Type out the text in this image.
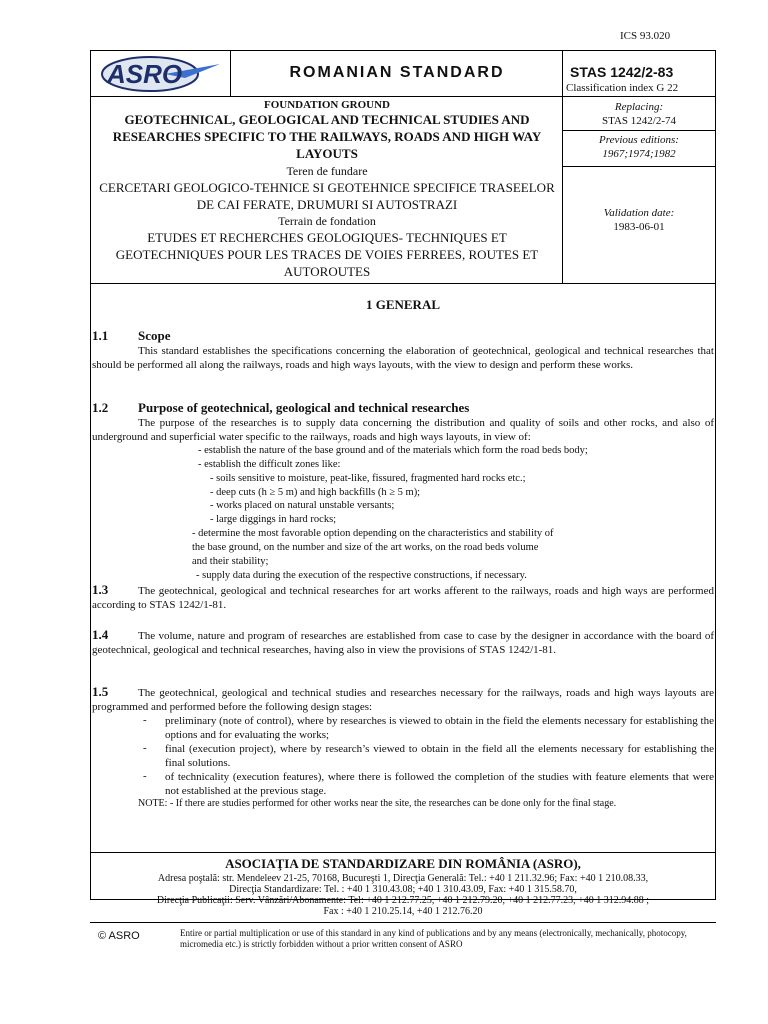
ICS 93.020
ASRO	ROMANIAN STANDARD	STAS 1242/2-83
Classification index G 22
FOUNDATION GROUND
GEOTECHNICAL, GEOLOGICAL AND TECHNICAL STUDIES AND RESEARCHES SPECIFIC TO THE RAILWAYS, ROADS AND HIGH WAY LAYOUTS
Teren de fundare
CERCETARI GEOLOGICO-TEHNICE SI GEOTEHNICE SPECIFICE TRASEELOR DE CAI FERATE, DRUMURI SI AUTOSTRAZI
Terrain de fondation
ETUDES ET RECHERCHES GEOLOGIQUES- TECHNIQUES ET GEOTECHNIQUES POUR LES TRACES DE VOIES FERREES, ROUTES ET AUTOROUTES
Replacing:
STAS 1242/2-74
Previous editions:
1967;1974;1982
Validation date:
1983-06-01
1 GENERAL
1.1 Scope
This standard establishes the specifications concerning the elaboration of geotechnical, geological and technical researches that should be performed all along the railways, roads and high ways layouts, with the view to design and perform these works.
1.2 Purpose of geotechnical, geological and technical researches
The purpose of the researches is to supply data concerning the distribution and quality of soils and other rocks, and also of underground and superficial water specific to the railways, roads and high ways layouts, in view of:
- establish the nature of the base ground and of the materials which form the road beds body;
- establish the difficult zones like:
- soils sensitive to moisture, peat-like, fissured, fragmented hard rocks etc.;
- deep cuts (h ≥ 5 m) and high backfills (h ≥ 5 m);
- works placed on natural unstable versants;
- large diggings in hard rocks;
- determine the most favorable option depending on the characteristics and stability of
the base ground, on the number and size of the art works, on the road beds volume
and their stability;
- supply data during the execution of the respective constructions, if necessary.
1.3	The geotechnical, geological and technical researches for art works afferent to the railways, roads and high ways are performed according to STAS 1242/1-81.
1.4	The volume, nature and program of researches are established from case to case by the designer in accordance with the board of geotechnical, geological and technical researches, having also in view the provisions of STAS 1242/1-81.
1.5	The geotechnical, geological and technical studies and researches necessary for the railways, roads and high ways layouts are programmed and performed before the following design stages:
- preliminary (note of control), where by researches is viewed to obtain in the field the elements necessary for establishing the options and for evaluating the works;
- final (execution project), where by research’s viewed to obtain in the field all the elements necessary for establishing the final solutions.
- of technicality (execution features), where there is followed the completion of the studies with feature elements that were not established at the previous stage.
NOTE: - If there are studies performed for other works near the site, the researches can be done only for the final stage.
ASOCIAŢIA DE STANDARDIZARE DIN ROMÂNIA (ASRO),
Adresa poştală: str. Mendeleev 21-25, 70168, Bucureşti 1, Direcţia Generală: Tel.: +40 1 211.32.96; Fax: +40 1 210.08.33,
Direcţia Standardizare: Tel. : +40 1 310.43.08; +40 1 310.43.09, Fax: +40 1 315.58.70,
Direcţia Publicaţii: Serv. Vânzări/Abonamente: Tel: +40 1 212.77.25, +40 1 212.79.20, +40 1 212.77.23, +40 1 312.94.88 ;
Fax : +40 1 210.25.14, +40 1 212.76.20
© ASRO	Entire or partial multiplication or use of this standard in any kind of publications and by any means (electronically, mechanically, photocopy, micromedia etc.) is strictly forbidden without a prior written consent of ASRO
